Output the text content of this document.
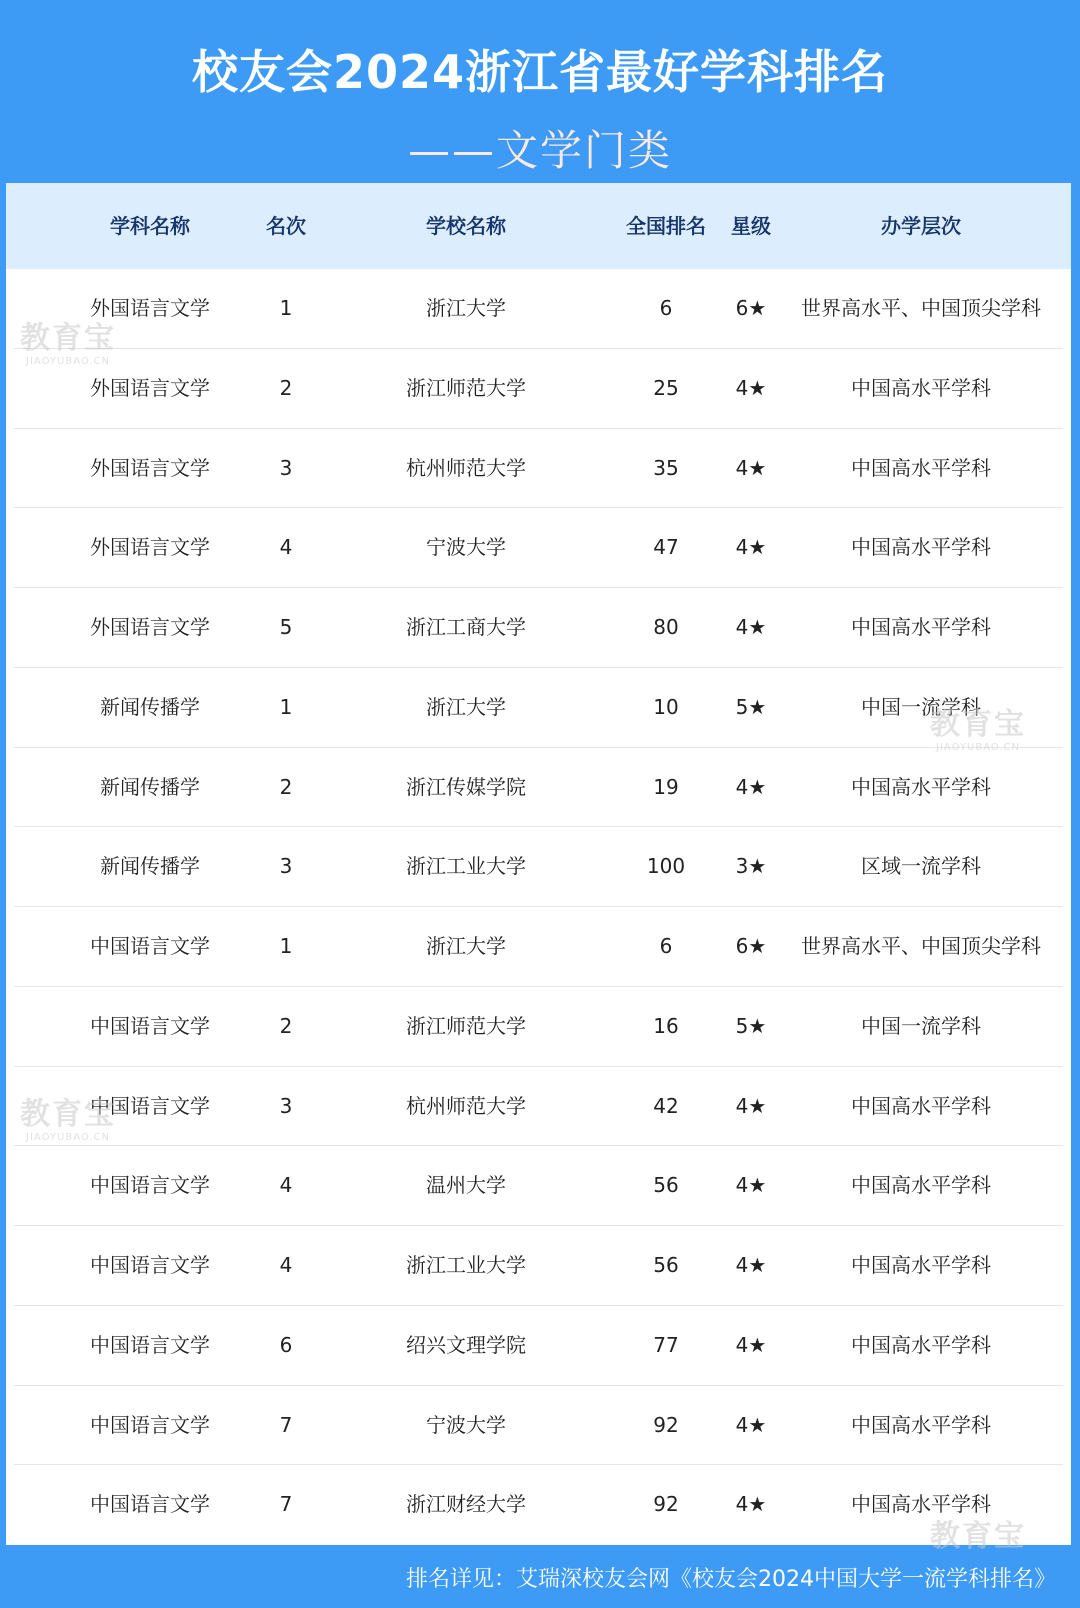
校友会2024浙江省最好学科排名
——文学门类
学科名称	名次	学校名称	全国排名	星级	办学层次
外国语言文学	1	浙江大学	6	6★	世界高水平、中国顶尖学科
外国语言文学	2	浙江师范大学	25	4★	中国高水平学科
外国语言文学	3	杭州师范大学	35	4★	中国高水平学科
外国语言文学	4	宁波大学	47	4★	中国高水平学科
外国语言文学	5	浙江工商大学	80	4★	中国高水平学科
新闻传播学	1	浙江大学	10	5★	中国一流学科
新闻传播学	2	浙江传媒学院	19	4★	中国高水平学科
新闻传播学	3	浙江工业大学	100	3★	区域一流学科
中国语言文学	1	浙江大学	6	6★	世界高水平、中国顶尖学科
中国语言文学	2	浙江师范大学	16	5★	中国一流学科
中国语言文学	3	杭州师范大学	42	4★	中国高水平学科
中国语言文学	4	温州大学	56	4★	中国高水平学科
中国语言文学	4	浙江工业大学	56	4★	中国高水平学科
中国语言文学	6	绍兴文理学院	77	4★	中国高水平学科
中国语言文学	7	宁波大学	92	4★	中国高水平学科
中国语言文学	7	浙江财经大学	92	4★	中国高水平学科
排名详见：艾瑞深校友会网《校友会2024中国大学一流学科排名》
教育宝
JIAOYUBAO.CN
教育宝
JIAOYUBAO.CN
教育宝
JIAOYUBAO.CN
教育宝
